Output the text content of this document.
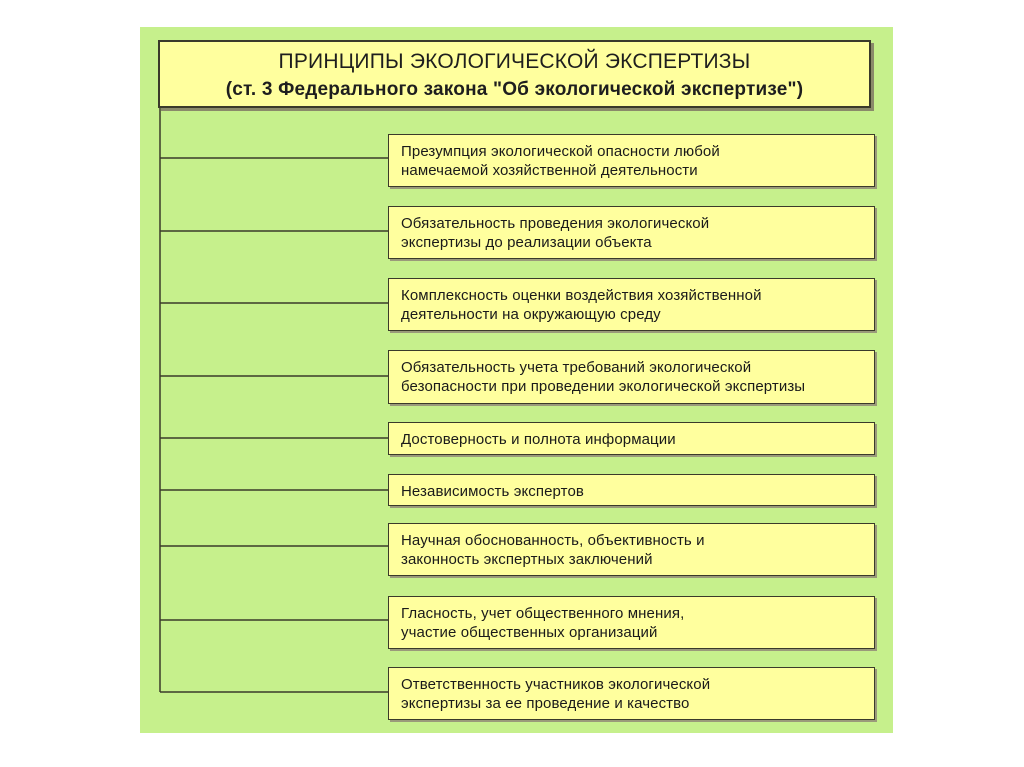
ПРИНЦИПЫ ЭКОЛОГИЧЕСКОЙ ЭКСПЕРТИЗЫ
(ст. 3 Федерального закона "Об экологической экспертизе")
Презумпция экологической опасности любой
намечаемой хозяйственной деятельности
Обязательность проведения экологической
экспертизы до реализации объекта
Комплексность оценки воздействия хозяйственной
деятельности на окружающую среду
Обязательность учета требований экологической
безопасности при проведении экологической экспертизы
Достоверность и полнота информации
Независимость экспертов
Научная обоснованность, объективность и
законность экспертных заключений
Гласность, учет общественного мнения,
участие общественных организаций
Ответственность участников экологической
экспертизы за ее проведение и качество
